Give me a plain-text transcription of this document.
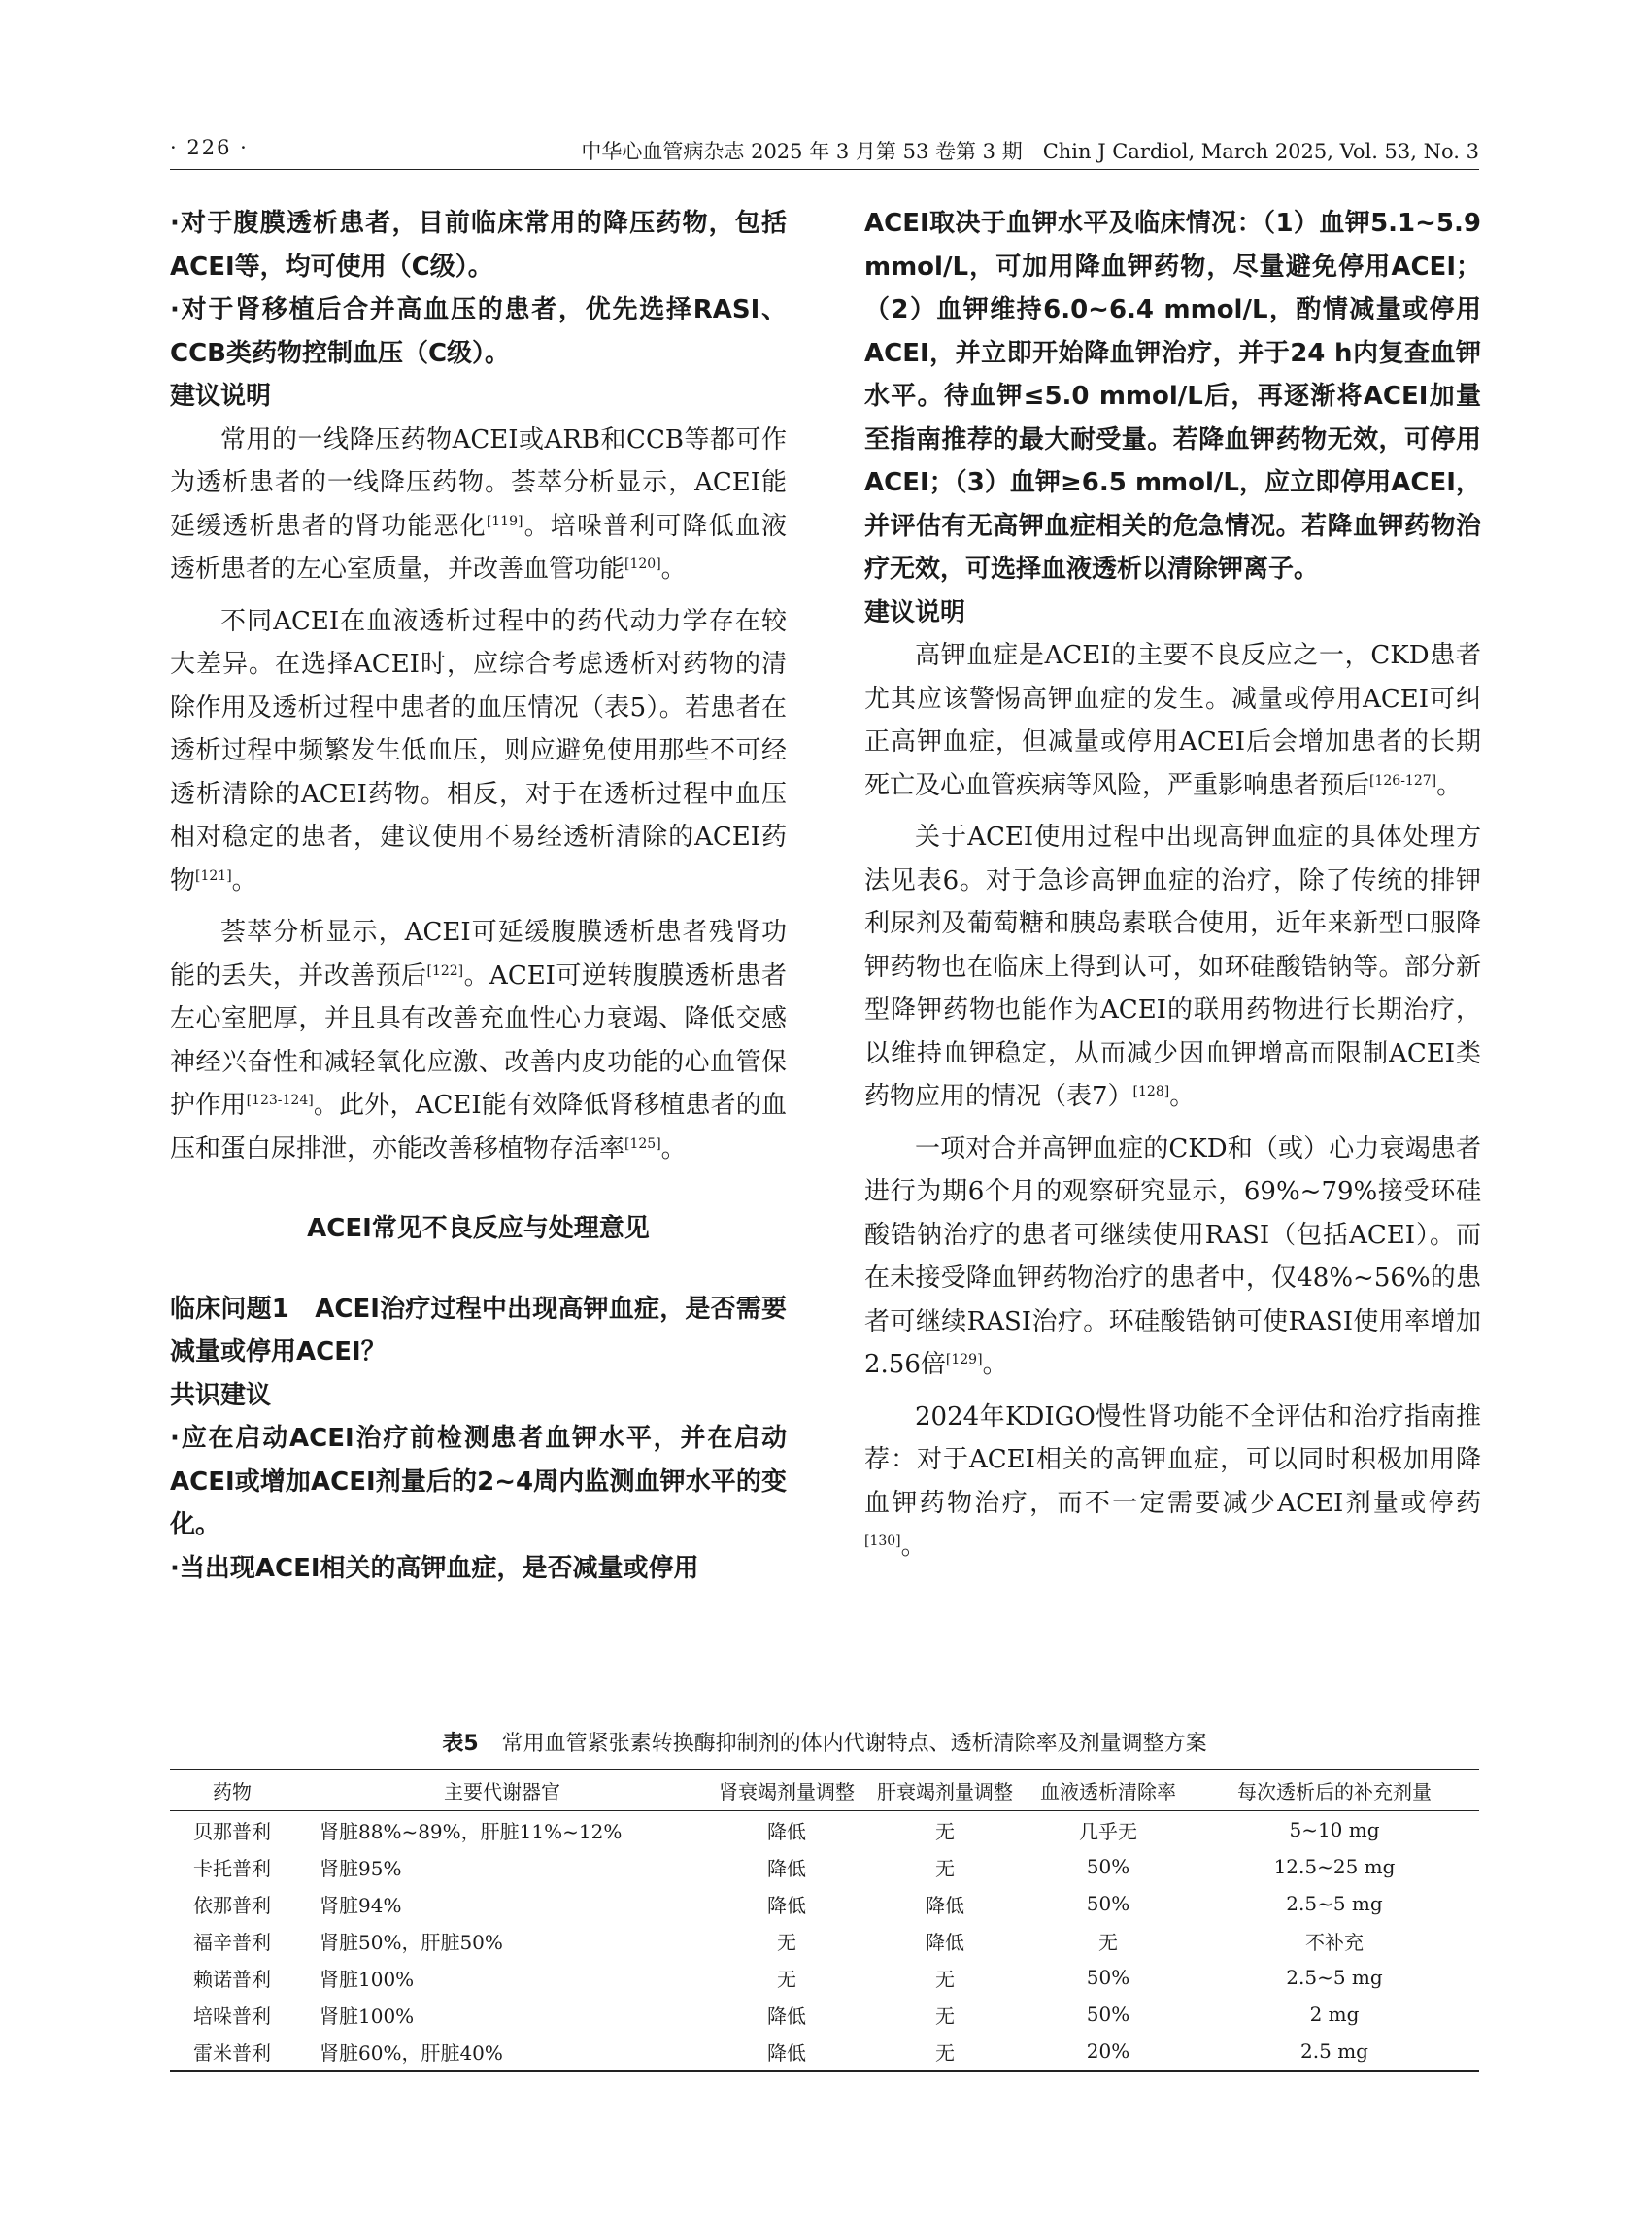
· 226 ·	中华心血管病杂志 2025 年 3 月第 53 卷第 3 期　Chin J Cardiol, March 2025, Vol. 53, No. 3

·对于腹膜透析患者，目前临床常用的降压药物，包括ACEI等，均可使用（C级）。

·对于肾移植后合并高血压的患者，优先选择RASI、CCB类药物控制血压（C级）。

建议说明

常用的一线降压药物ACEI或ARB和CCB等都可作为透析患者的一线降压药物。荟萃分析显示，ACEI能延缓透析患者的肾功能恶化[119]。培哚普利可降低血液透析患者的左心室质量，并改善血管功能[120]。

不同ACEI在血液透析过程中的药代动力学存在较大差异。在选择ACEI时，应综合考虑透析对药物的清除作用及透析过程中患者的血压情况（表5）。若患者在透析过程中频繁发生低血压，则应避免使用那些不可经透析清除的ACEI药物。相反，对于在透析过程中血压相对稳定的患者，建议使用不易经透析清除的ACEI药物[121]。

荟萃分析显示，ACEI可延缓腹膜透析患者残肾功能的丢失，并改善预后[122]。ACEI可逆转腹膜透析患者左心室肥厚，并且具有改善充血性心力衰竭、降低交感神经兴奋性和减轻氧化应激、改善内皮功能的心血管保护作用[123-124]。此外，ACEI能有效降低肾移植患者的血压和蛋白尿排泄，亦能改善移植物存活率[125]。

ACEI常见不良反应与处理意见

临床问题1　ACEI治疗过程中出现高钾血症，是否需要减量或停用ACEI？

共识建议

·应在启动ACEI治疗前检测患者血钾水平，并在启动ACEI或增加ACEI剂量后的2~4周内监测血钾水平的变化。

·当出现ACEI相关的高钾血症，是否减量或停用

ACEI取决于血钾水平及临床情况：（1）血钾5.1~5.9 mmol/L，可加用降血钾药物，尽量避免停用ACEI；（2）血钾维持6.0~6.4 mmol/L，酌情减量或停用ACEI，并立即开始降血钾治疗，并于24 h内复查血钾水平。待血钾≤5.0 mmol/L后，再逐渐将ACEI加量至指南推荐的最大耐受量。若降血钾药物无效，可停用ACEI；（3）血钾≥6.5 mmol/L，应立即停用ACEI，并评估有无高钾血症相关的危急情况。若降血钾药物治疗无效，可选择血液透析以清除钾离子。

建议说明

高钾血症是ACEI的主要不良反应之一，CKD患者尤其应该警惕高钾血症的发生。减量或停用ACEI可纠正高钾血症，但减量或停用ACEI后会增加患者的长期死亡及心血管疾病等风险，严重影响患者预后[126-127]。

关于ACEI使用过程中出现高钾血症的具体处理方法见表6。对于急诊高钾血症的治疗，除了传统的排钾利尿剂及葡萄糖和胰岛素联合使用，近年来新型口服降钾药物也在临床上得到认可，如环硅酸锆钠等。部分新型降钾药物也能作为ACEI的联用药物进行长期治疗，以维持血钾稳定，从而减少因血钾增高而限制ACEI类药物应用的情况（表7）[128]。

一项对合并高钾血症的CKD和（或）心力衰竭患者进行为期6个月的观察研究显示，69%~79%接受环硅酸锆钠治疗的患者可继续使用RASI（包括ACEI）。而在未接受降血钾药物治疗的患者中，仅48%~56%的患者可继续RASI治疗。环硅酸锆钠可使RASI使用率增加2.56倍[129]。

2024年KDIGO慢性肾功能不全评估和治疗指南推荐：对于ACEI相关的高钾血症，可以同时积极加用降血钾药物治疗，而不一定需要减少ACEI剂量或停药[130]。

表5 常用血管紧张素转换酶抑制剂的体内代谢特点、透析清除率及剂量调整方案
药物	主要代谢器官	肾衰竭剂量调整	肝衰竭剂量调整	血液透析清除率	每次透析后的补充剂量
贝那普利	肾脏88%~89%，肝脏11%~12%	降低	无	几乎无	5~10 mg
卡托普利	肾脏95%	降低	无	50%	12.5~25 mg
依那普利	肾脏94%	降低	降低	50%	2.5~5 mg
福辛普利	肾脏50%，肝脏50%	无	降低	无	不补充
赖诺普利	肾脏100%	无	无	50%	2.5~5 mg
培哚普利	肾脏100%	降低	无	50%	2 mg
雷米普利	肾脏60%，肝脏40%	降低	无	20%	2.5 mg
